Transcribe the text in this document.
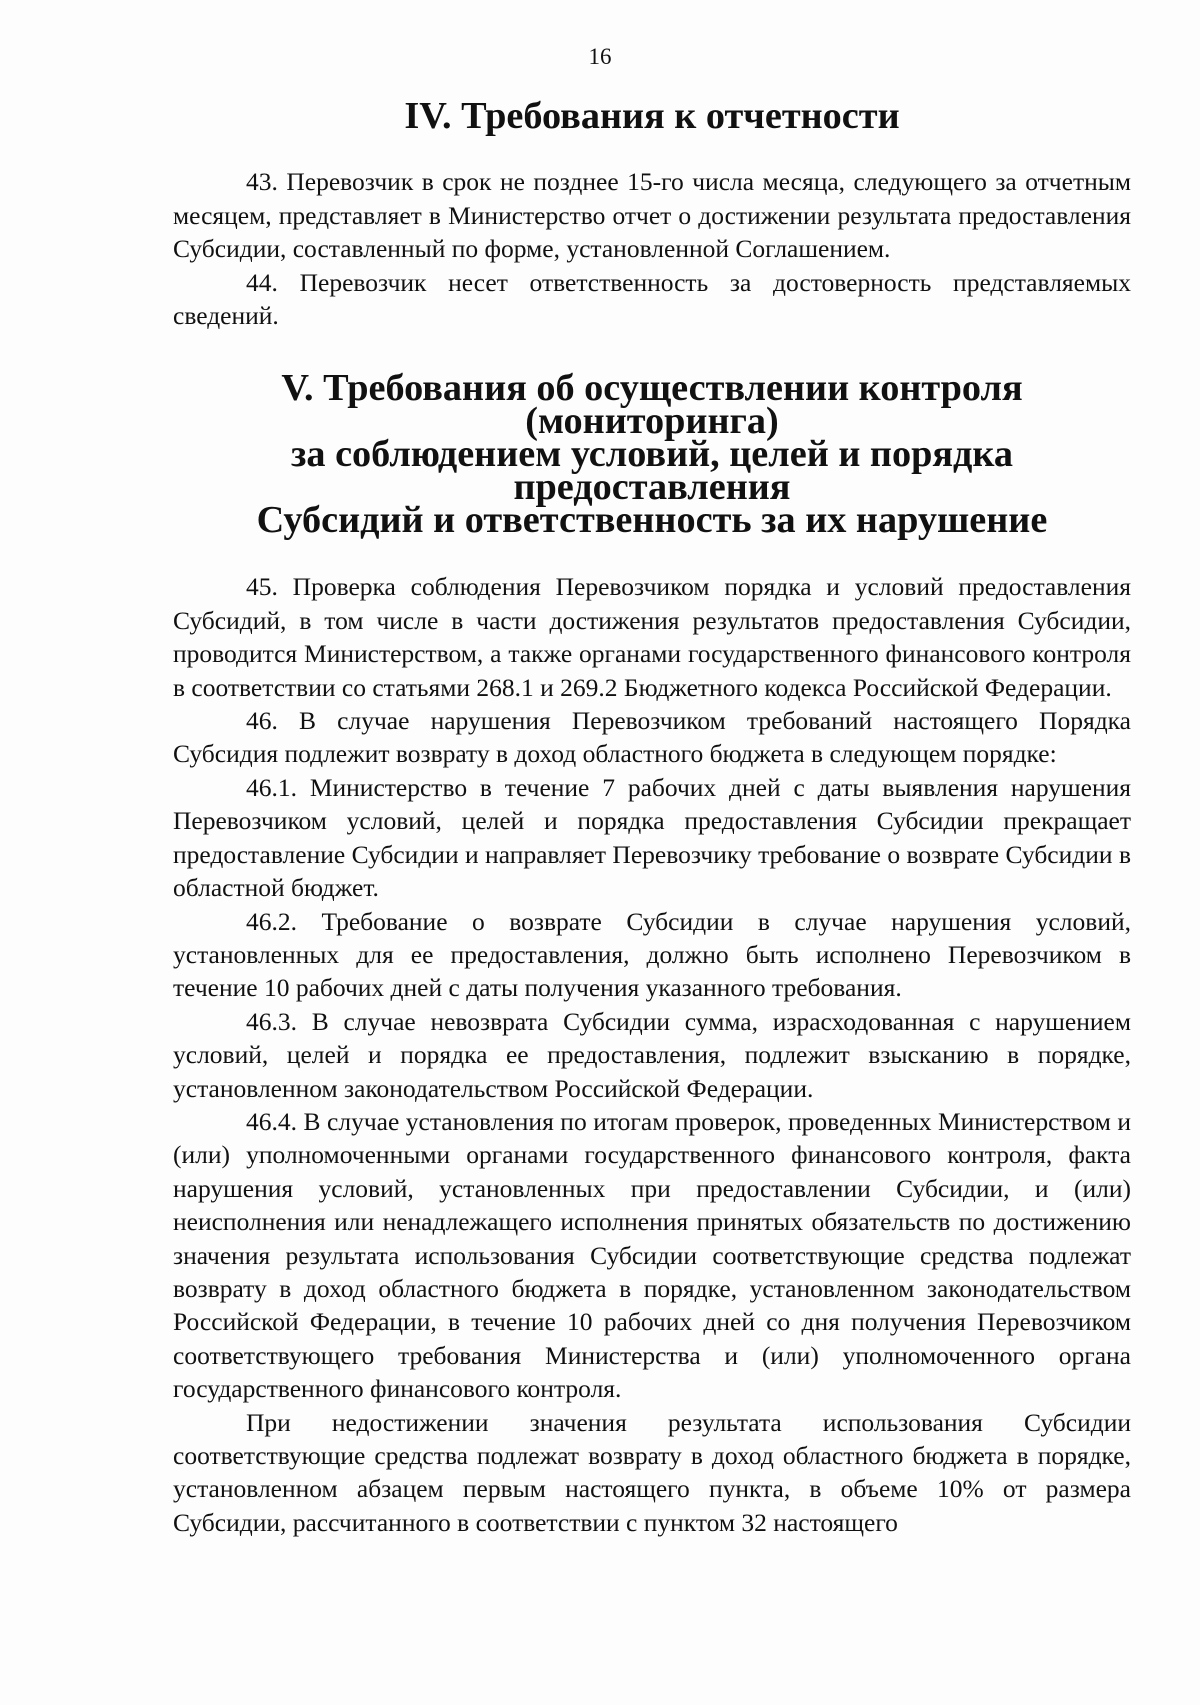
16
IV. Требования к отчетности

43. Перевозчик в срок не позднее 15-го числа месяца, следующего за отчетным месяцем, представляет в Министерство отчет о достижении результата предоставления Субсидии, составленный по форме, установленной Соглашением.

44. Перевозчик несет ответственность за достоверность представляемых сведений.

V. Требования об осуществлении контроля (мониторинга)
за соблюдением условий, целей и порядка предоставления
Субсидий и ответственность за их нарушение

45. Проверка соблюдения Перевозчиком порядка и условий предоставления Субсидий, в том числе в части достижения результатов предоставления Субсидии, проводится Министерством, а также органами государственного финансового контроля в соответствии со статьями 268.1 и 269.2 Бюджетного кодекса Российской Федерации.

46. В случае нарушения Перевозчиком требований настоящего Порядка Субсидия подлежит возврату в доход областного бюджета в следующем порядке:

46.1. Министерство в течение 7 рабочих дней с даты выявления нарушения Перевозчиком условий, целей и порядка предоставления Субсидии прекращает предоставление Субсидии и направляет Перевозчику требование о возврате Субсидии в областной бюджет.

46.2. Требование о возврате Субсидии в случае нарушения условий, установленных для ее предоставления, должно быть исполнено Перевозчиком в течение 10 рабочих дней с даты получения указанного требования.

46.3. В случае невозврата Субсидии сумма, израсходованная с нарушением условий, целей и порядка ее предоставления, подлежит взысканию в порядке, установленном законодательством Российской Федерации.

46.4. В случае установления по итогам проверок, проведенных Министерством и (или) уполномоченными органами государственного финансового контроля, факта нарушения условий, установленных при предоставлении Субсидии, и (или) неисполнения или ненадлежащего исполнения принятых обязательств по достижению значения результата использования Субсидии соответствующие средства подлежат возврату в доход областного бюджета в порядке, установленном законодательством Российской Федерации, в течение 10 рабочих дней со дня получения Перевозчиком соответствующего требования Министерства и (или) уполномоченного органа государственного финансового контроля.

При недостижении значения результата использования Субсидии соответствующие средства подлежат возврату в доход областного бюджета в порядке, установленном абзацем первым настоящего пункта, в объеме 10% от размера Субсидии, рассчитанного в соответствии с пунктом 32 настоящего
